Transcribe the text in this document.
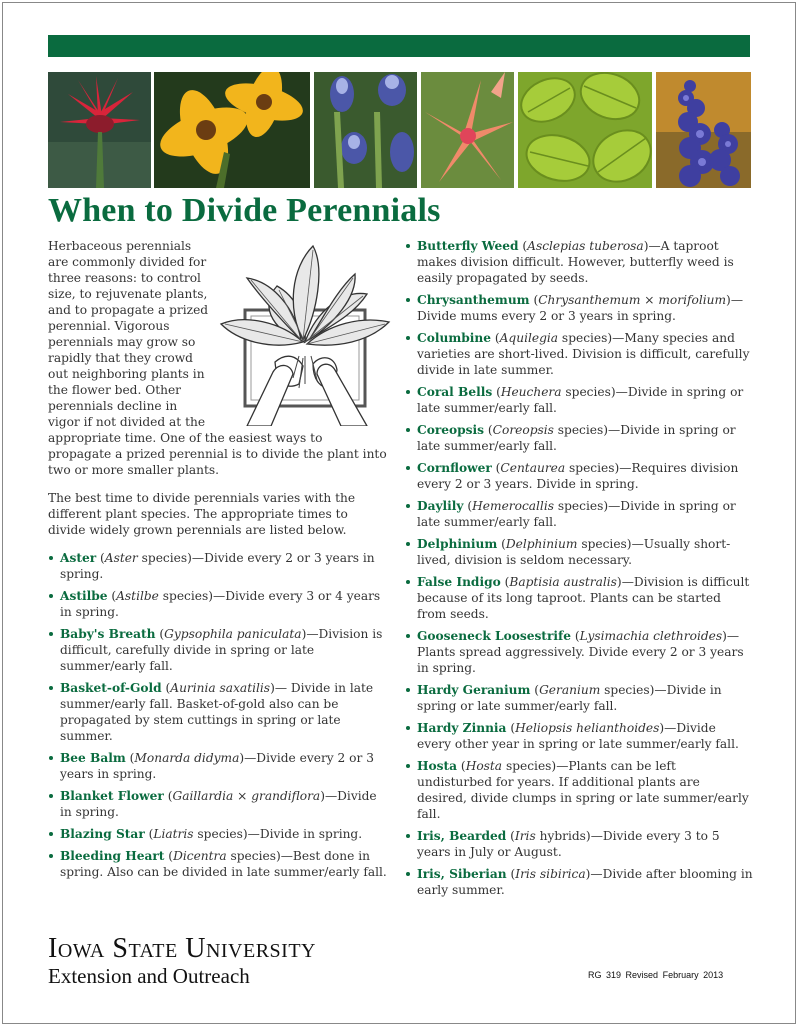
When to Divide Perennials

Herbaceous perennials are commonly divided for three reasons: to control size, to rejuvenate plants, and to propagate a prized perennial. Vigorous perennials may grow so rapidly that they crowd out neighboring plants in the flower bed. Other perennials decline in vigor if not divided at the appropriate time. One of the easiest ways to propagate a prized perennial is to divide the plant into two or more smaller plants.

The best time to divide perennials varies with the different plant species. The appropriate times to divide widely grown perennials are listed below.

Aster (Aster species)—Divide every 2 or 3 years in spring.
Astilbe (Astilbe species)—Divide every 3 or 4 years in spring.
Baby's Breath (Gypsophila paniculata)—Division is difficult, carefully divide in spring or late summer/early fall.
Basket-of-Gold (Aurinia saxatilis)— Divide in late summer/early fall. Basket-of-gold also can be propagated by stem cuttings in spring or late summer.
Bee Balm (Monarda didyma)—Divide every 2 or 3 years in spring.
Blanket Flower (Gaillardia × grandiflora)—Divide in spring.
Blazing Star (Liatris species)—Divide in spring.
Bleeding Heart (Dicentra species)—Best done in spring. Also can be divided in late summer/early fall.
Butterfly Weed (Asclepias tuberosa)—A taproot makes division difficult. However, butterfly weed is easily propagated by seeds.
Chrysanthemum (Chrysanthemum × morifolium)—Divide mums every 2 or 3 years in spring.
Columbine (Aquilegia species)—Many species and varieties are short-lived. Division is difficult, carefully divide in late summer.
Coral Bells (Heuchera species)—Divide in spring or late summer/early fall.
Coreopsis (Coreopsis species)—Divide in spring or late summer/early fall.
Cornflower (Centaurea species)—Requires division every 2 or 3 years. Divide in spring.
Daylily (Hemerocallis species)—Divide in spring or late summer/early fall.
Delphinium (Delphinium species)—Usually short-lived, division is seldom necessary.
False Indigo (Baptisia australis)—Division is difficult because of its long taproot. Plants can be started from seeds.
Gooseneck Loosestrife (Lysimachia clethroides)—Plants spread aggressively. Divide every 2 or 3 years in spring.
Hardy Geranium (Geranium species)—Divide in spring or late summer/early fall.
Hardy Zinnia (Heliopsis helianthoides)—Divide every other year in spring or late summer/early fall.
Hosta (Hosta species)—Plants can be left undisturbed for years. If additional plants are desired, divide clumps in spring or late summer/early fall.
Iris, Bearded (Iris hybrids)—Divide every 3 to 5 years in July or August.
Iris, Siberian (Iris sibirica)—Divide after blooming in early summer.
Iowa State University
Extension and Outreach	RG 319 Revised February 2013
